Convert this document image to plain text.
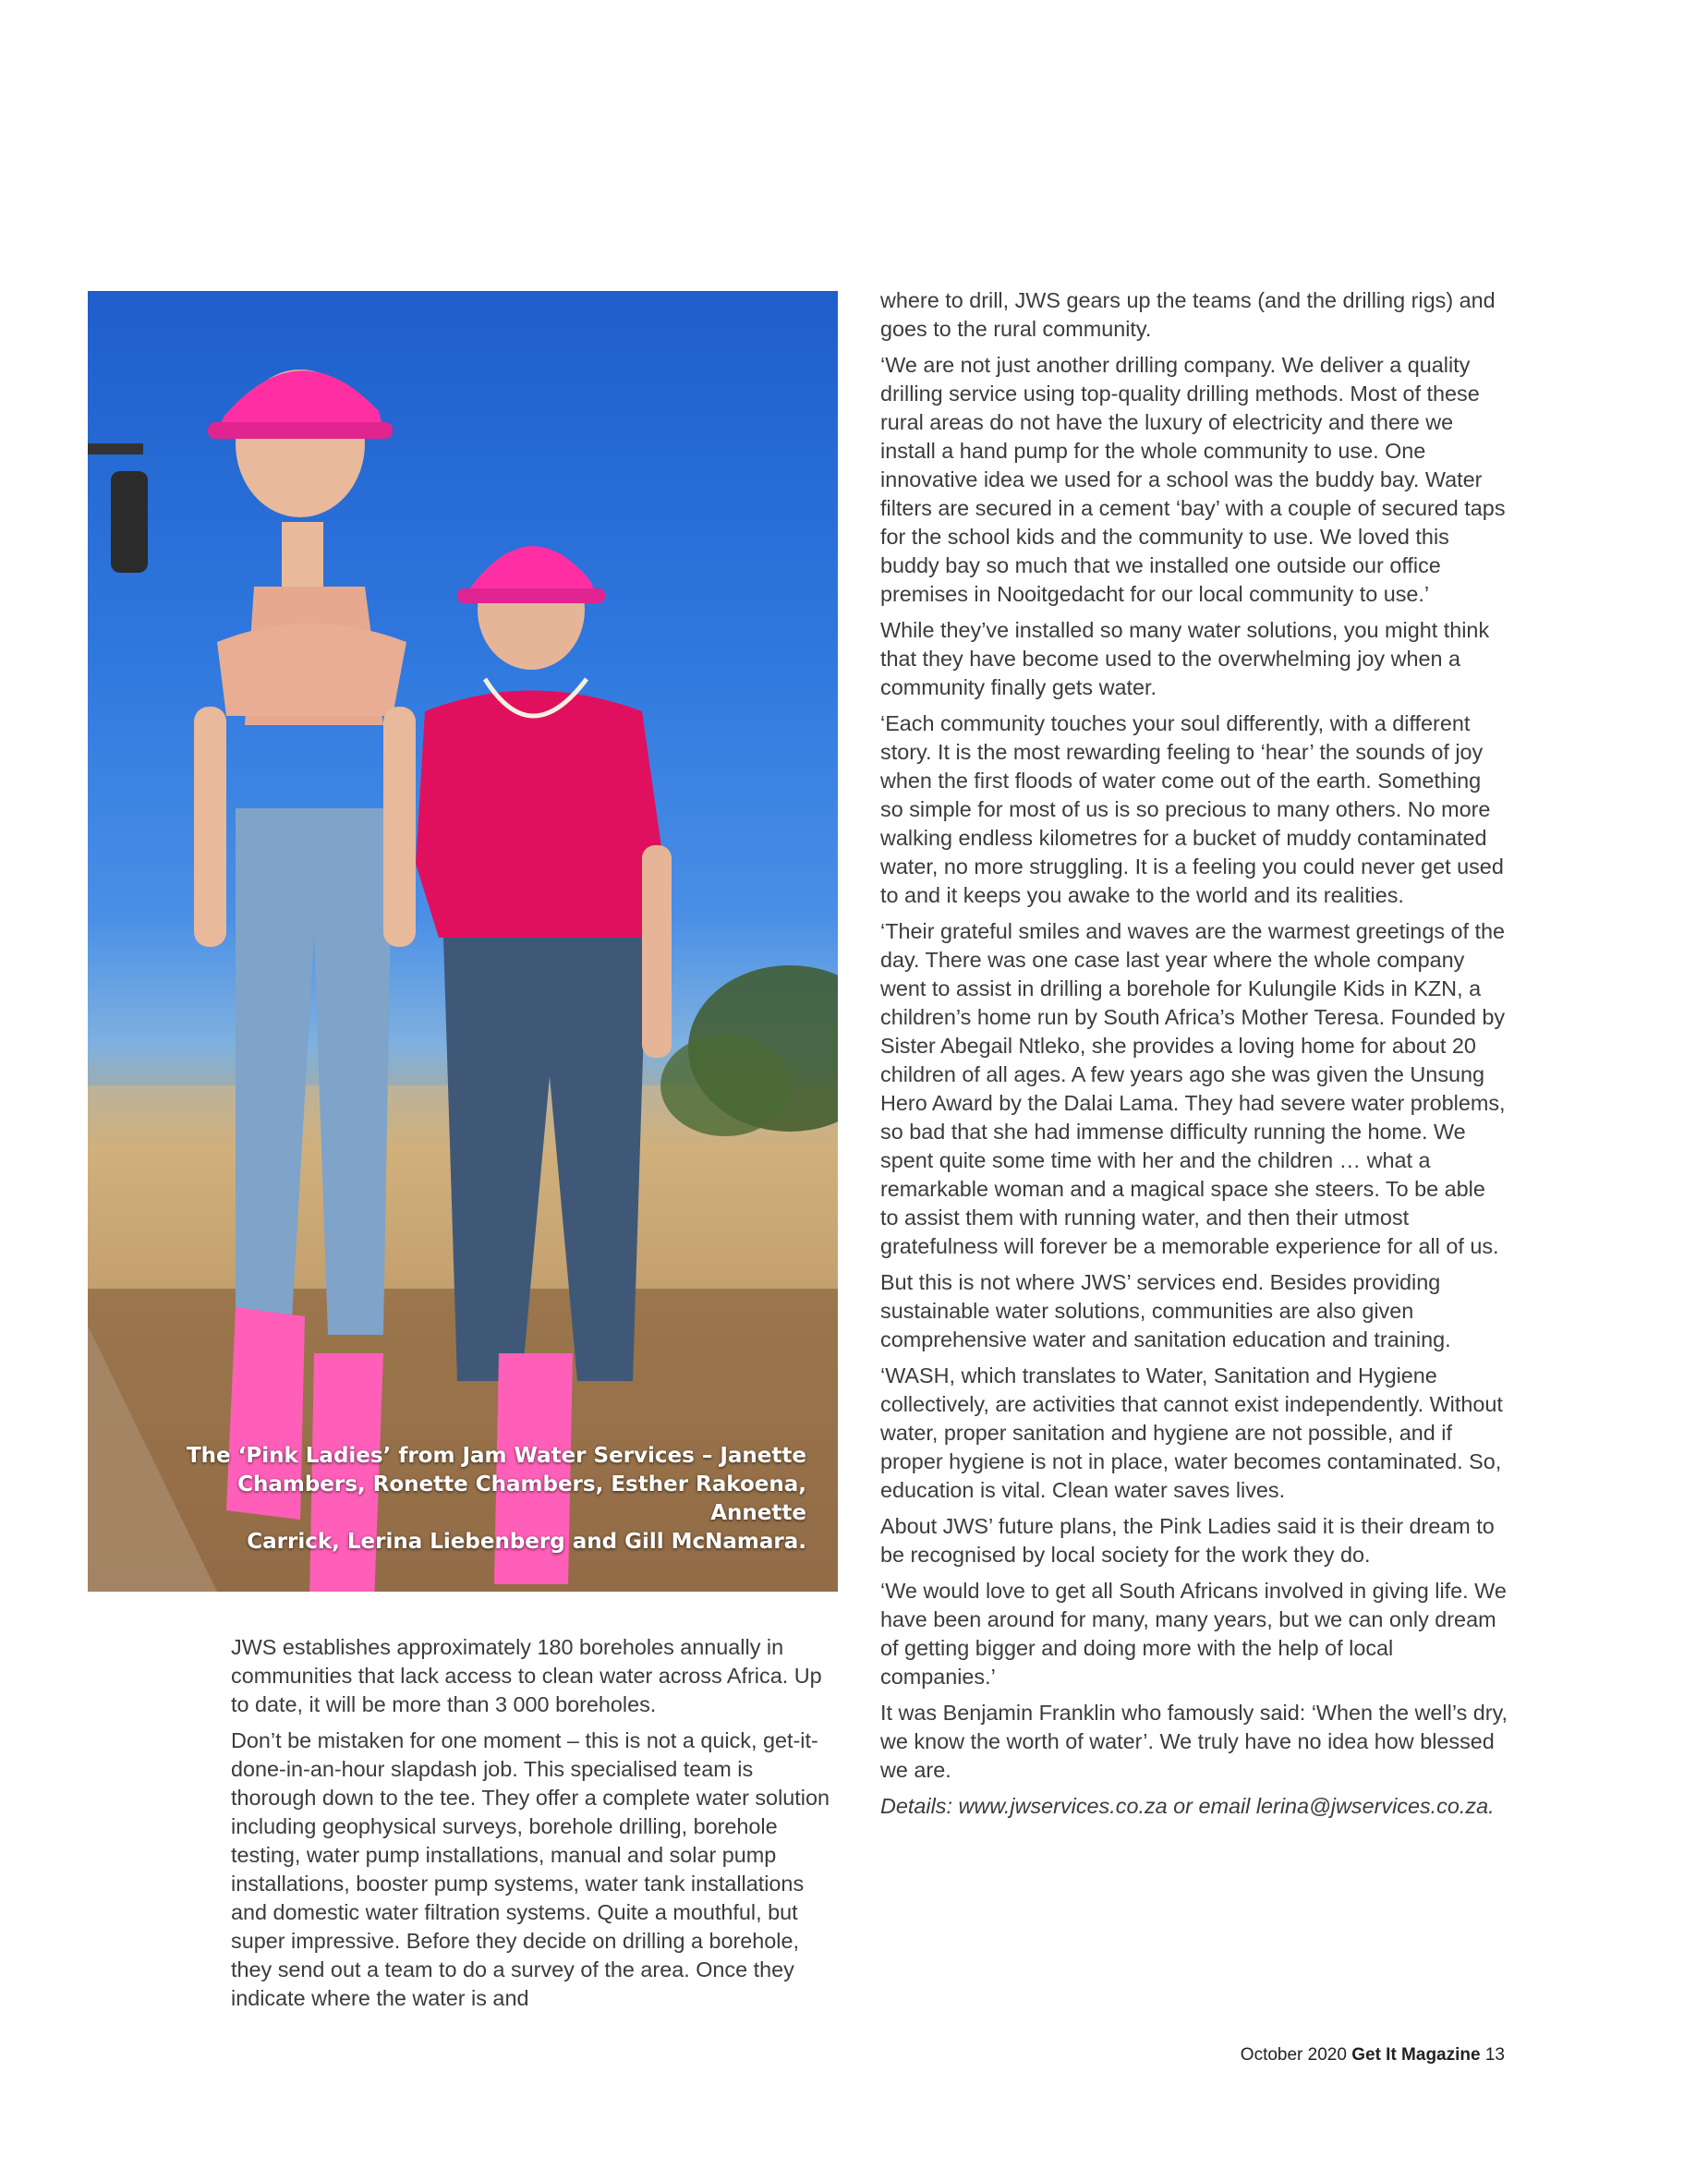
The ‘Pink Ladies’ from Jam Water Services – Janette
Chambers, Ronette Chambers, Esther Rakoena, Annette
Carrick, Lerina Liebenberg and Gill McNamara.

JWS establishes approximately 180 boreholes annually in communities that lack access to clean water across Africa. Up to date, it will be more than 3 000 boreholes.

Don’t be mistaken for one moment – this is not a quick, get-it-done-in-an-hour slapdash job. This specialised team is thorough down to the tee. They offer a complete water solution including geophysical surveys, borehole drilling, borehole testing, water pump installations, manual and solar pump installations, booster pump systems, water tank installations and domestic water filtration systems. Quite a mouthful, but super impressive. Before they decide on drilling a borehole, they send out a team to do a survey of the area. Once they indicate where the water is and

where to drill, JWS gears up the teams (and the drilling rigs) and goes to the rural community.

‘We are not just another drilling company. We deliver a quality drilling service using top-quality drilling methods. Most of these rural areas do not have the luxury of electricity and there we install a hand pump for the whole community to use. One innovative idea we used for a school was the buddy bay. Water filters are secured in a cement ‘bay’ with a couple of secured taps for the school kids and the community to use. We loved this buddy bay so much that we installed one outside our office premises in Nooitgedacht for our local community to use.’

While they’ve installed so many water solutions, you might think that they have become used to the overwhelming joy when a community finally gets water.

‘Each community touches your soul differently, with a different story. It is the most rewarding feeling to ‘hear’ the sounds of joy when the first floods of water come out of the earth. Something so simple for most of us is so precious to many others. No more walking endless kilometres for a bucket of muddy contaminated water, no more struggling. It is a feeling you could never get used to and it keeps you awake to the world and its realities.

‘Their grateful smiles and waves are the warmest greetings of the day. There was one case last year where the whole company went to assist in drilling a borehole for Kulungile Kids in KZN, a children’s home run by South Africa’s Mother Teresa. Founded by Sister Abegail Ntleko, she provides a loving home for about 20 children of all ages. A few years ago she was given the Unsung Hero Award by the Dalai Lama. They had severe water problems, so bad that she had immense difficulty running the home. We spent quite some time with her and the children … what a remarkable woman and a magical space she steers. To be able to assist them with running water, and then their utmost gratefulness will forever be a memorable experience for all of us.

But this is not where JWS’ services end. Besides providing sustainable water solutions, communities are also given comprehensive water and sanitation education and training.

‘WASH, which translates to Water, Sanitation and Hygiene collectively, are activities that cannot exist independently. Without water, proper sanitation and hygiene are not possible, and if proper hygiene is not in place, water becomes contaminated. So, education is vital. Clean water saves lives.

About JWS’ future plans, the Pink Ladies said it is their dream to be recognised by local society for the work they do.

‘We would love to get all South Africans involved in giving life. We have been around for many, many years, but we can only dream of getting bigger and doing more with the help of local companies.’

It was Benjamin Franklin who famously said: ‘When the well’s dry, we know the worth of water’. We truly have no idea how blessed we are.

Details: www.jwservices.co.za or email lerina@jwservices.co.za.

October 2020 Get It Magazine 13
